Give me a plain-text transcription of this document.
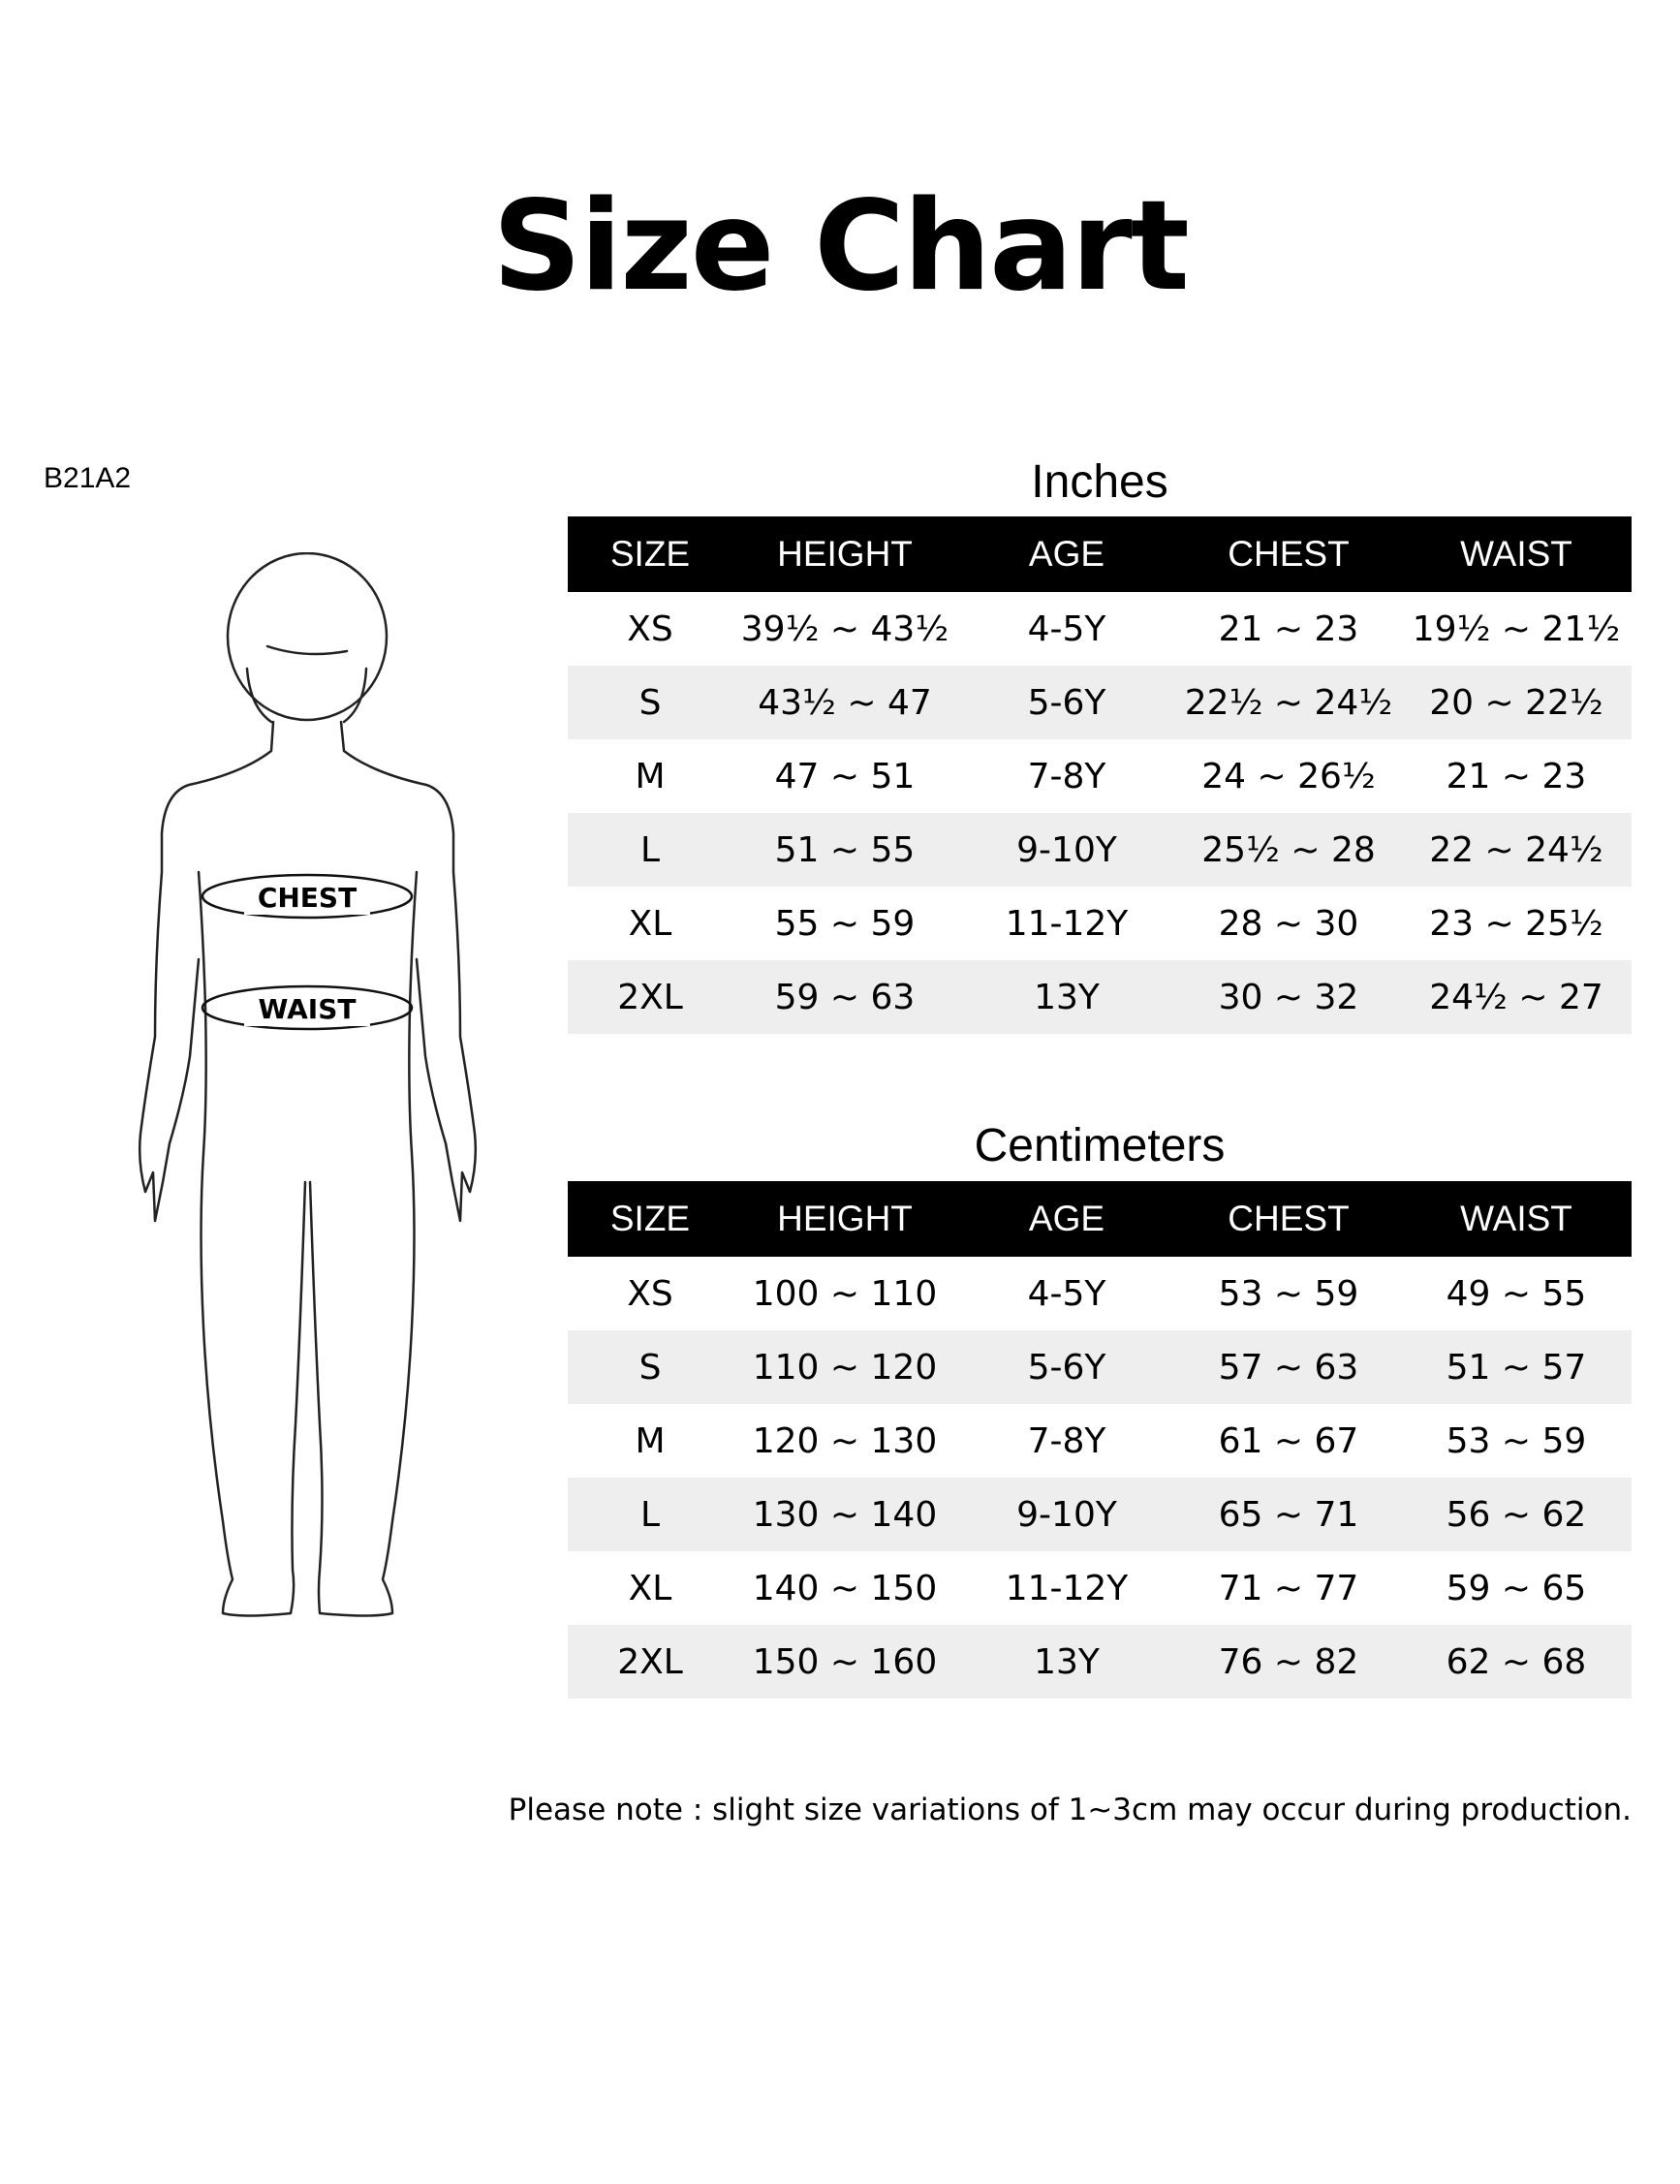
Size Chart
B21A2
CHEST
WAIST
Inches
SIZE	HEIGHT	AGE	CHEST	WAIST
XS	39½ ~ 43½	4-5Y	21 ~ 23	19½ ~ 21½
S	43½ ~ 47	5-6Y	22½ ~ 24½	20 ~ 22½
M	47 ~ 51	7-8Y	24 ~ 26½	21 ~ 23
L	51 ~ 55	9-10Y	25½ ~ 28	22 ~ 24½
XL	55 ~ 59	11-12Y	28 ~ 30	23 ~ 25½
2XL	59 ~ 63	13Y	30 ~ 32	24½ ~ 27
Centimeters
SIZE	HEIGHT	AGE	CHEST	WAIST
XS	100 ~ 110	4-5Y	53 ~ 59	49 ~ 55
S	110 ~ 120	5-6Y	57 ~ 63	51 ~ 57
M	120 ~ 130	7-8Y	61 ~ 67	53 ~ 59
L	130 ~ 140	9-10Y	65 ~ 71	56 ~ 62
XL	140 ~ 150	11-12Y	71 ~ 77	59 ~ 65
2XL	150 ~ 160	13Y	76 ~ 82	62 ~ 68
Please note : slight size variations of 1~3cm may occur during production.
